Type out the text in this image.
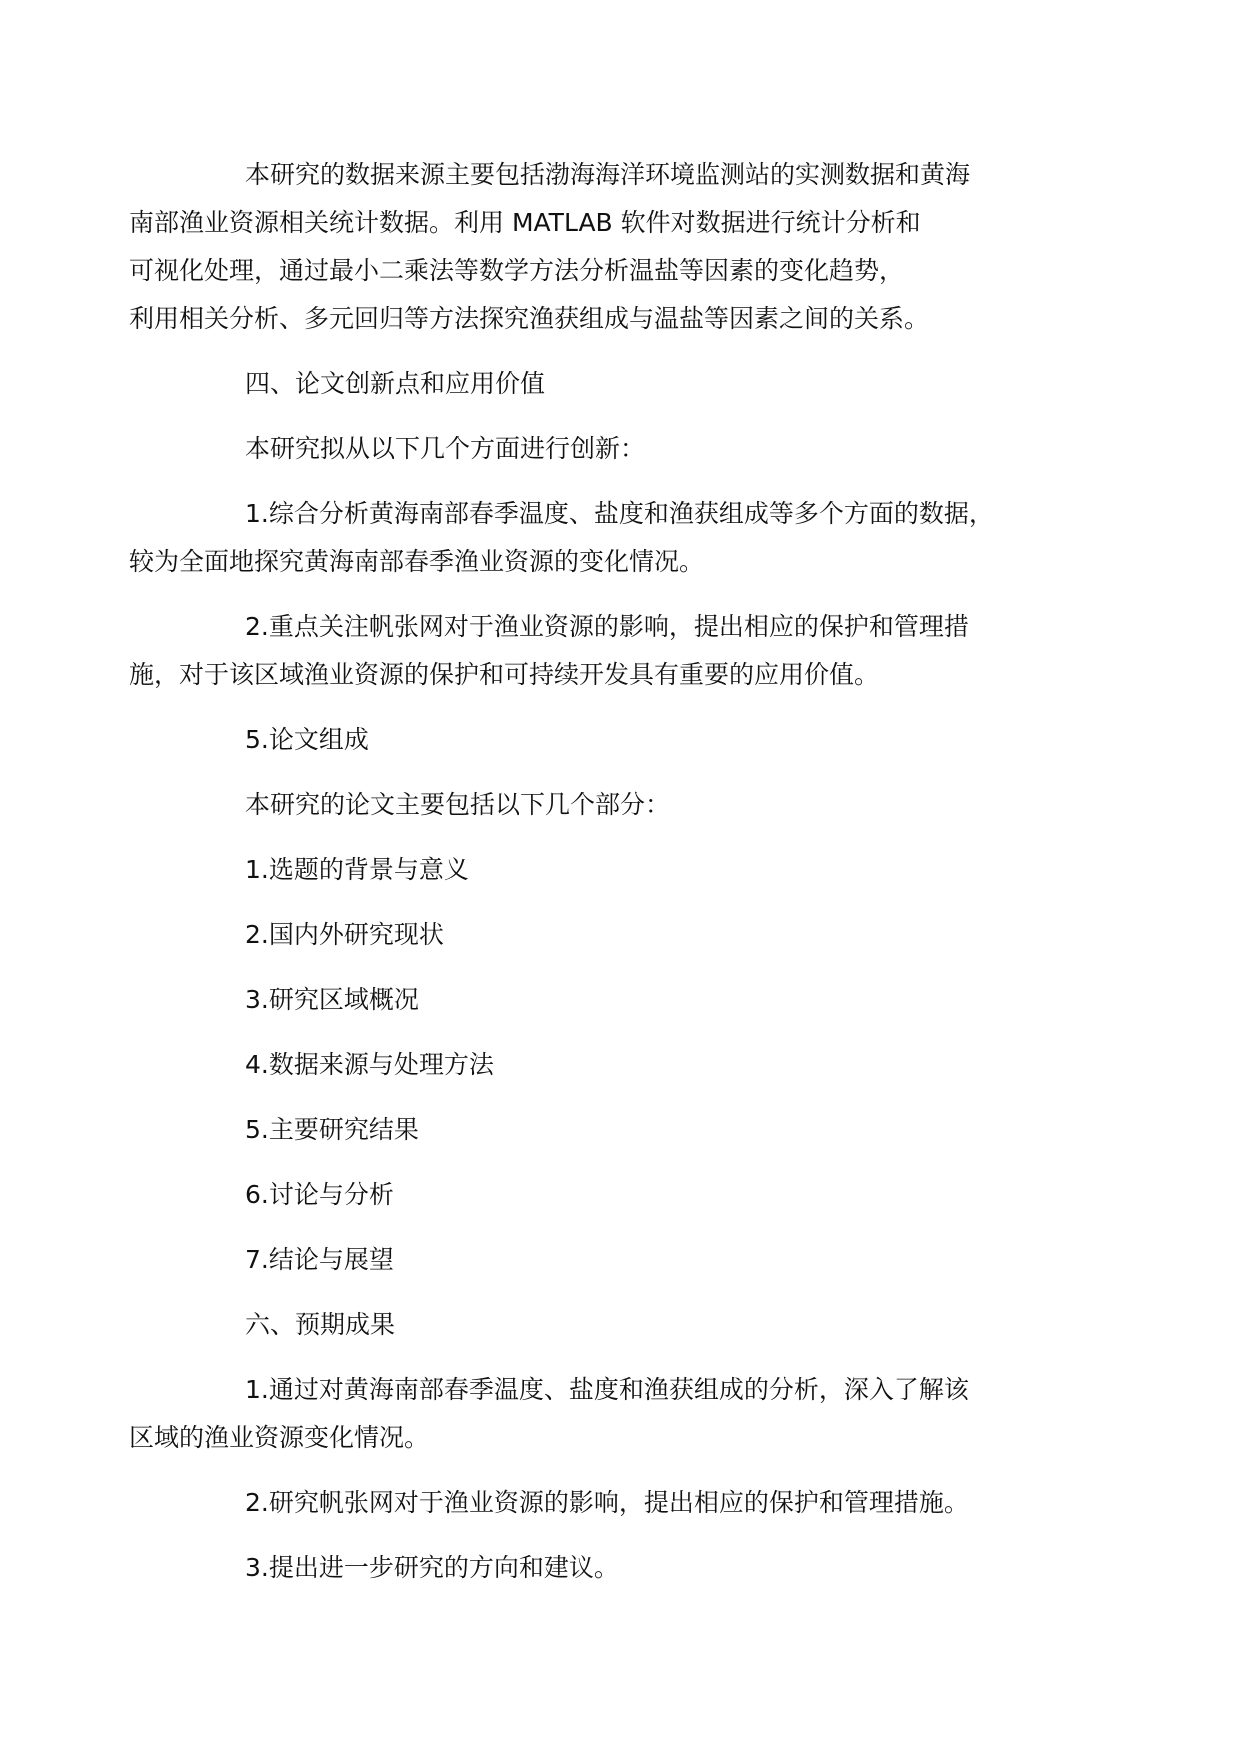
本研究的数据来源主要包括渤海海洋环境监测站的实测数据和黄海
南部渔业资源相关统计数据。利用 MATLAB 软件对数据进行统计分析和
可视化处理，通过最小二乘法等数学方法分析温盐等因素的变化趋势，
利用相关分析、多元回归等方法探究渔获组成与温盐等因素之间的关系。

四、论文创新点和应用价值

本研究拟从以下几个方面进行创新：

1.综合分析黄海南部春季温度、盐度和渔获组成等多个方面的数据，
较为全面地探究黄海南部春季渔业资源的变化情况。

2.重点关注帆张网对于渔业资源的影响，提出相应的保护和管理措
施，对于该区域渔业资源的保护和可持续开发具有重要的应用价值。

5.论文组成

本研究的论文主要包括以下几个部分：

1.选题的背景与意义

2.国内外研究现状

3.研究区域概况

4.数据来源与处理方法

5.主要研究结果

6.讨论与分析

7.结论与展望

六、预期成果

1.通过对黄海南部春季温度、盐度和渔获组成的分析，深入了解该
区域的渔业资源变化情况。

2.研究帆张网对于渔业资源的影响，提出相应的保护和管理措施。

3.提出进一步研究的方向和建议。
